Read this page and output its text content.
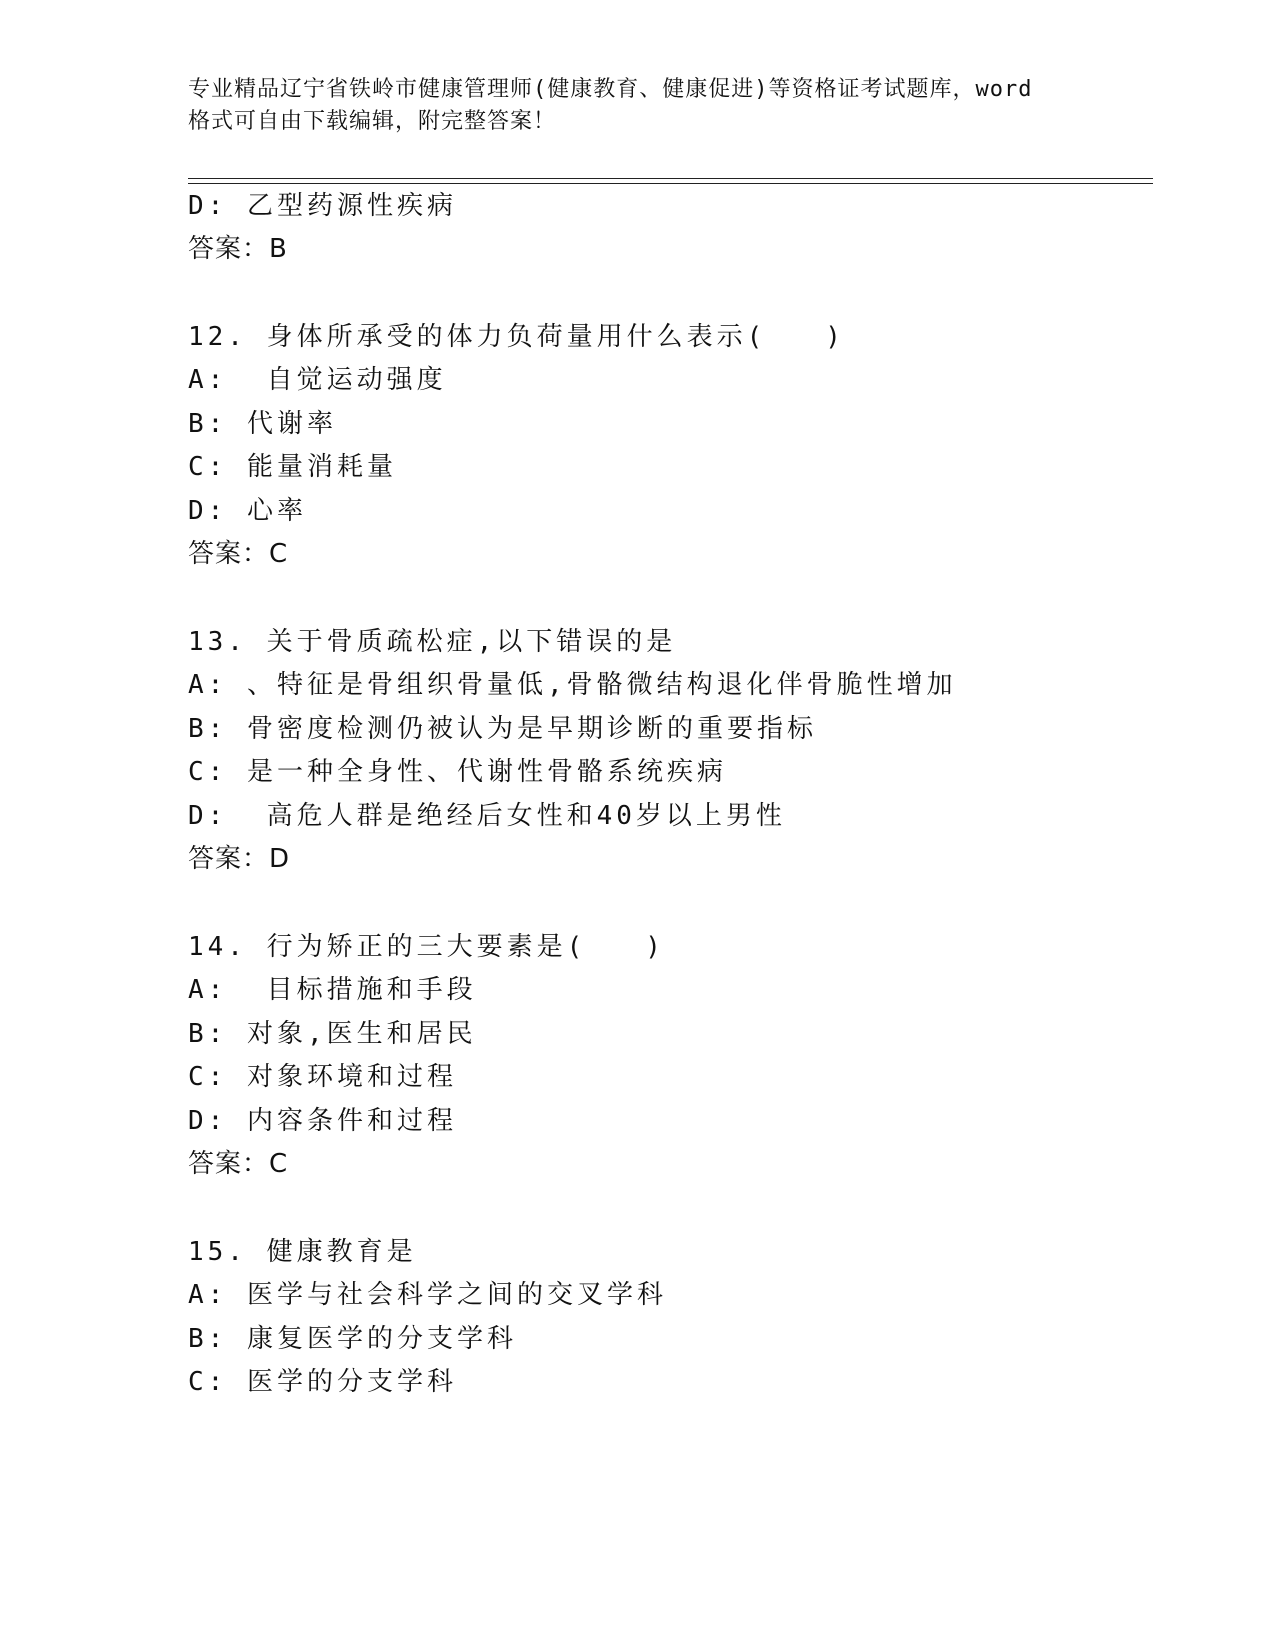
专业精品辽宁省铁岭市健康管理师(健康教育、健康促进)等资格证考试题库，word
格式可自由下载编辑，附完整答案！
D: 乙型药源性疾病
答案：B
12. 身体所承受的体力负荷量用什么表示(   )
A:  自觉运动强度
B: 代谢率
C: 能量消耗量
D: 心率
答案：C
13. 关于骨质疏松症,以下错误的是
A: 、特征是骨组织骨量低,骨骼微结构退化伴骨脆性增加
B: 骨密度检测仍被认为是早期诊断的重要指标
C: 是一种全身性、代谢性骨骼系统疾病
D:  高危人群是绝经后女性和40岁以上男性
答案：D
14. 行为矫正的三大要素是(   )
A:  目标措施和手段
B: 对象,医生和居民
C: 对象环境和过程
D: 内容条件和过程
答案：C
15. 健康教育是
A: 医学与社会科学之间的交叉学科
B: 康复医学的分支学科
C: 医学的分支学科
